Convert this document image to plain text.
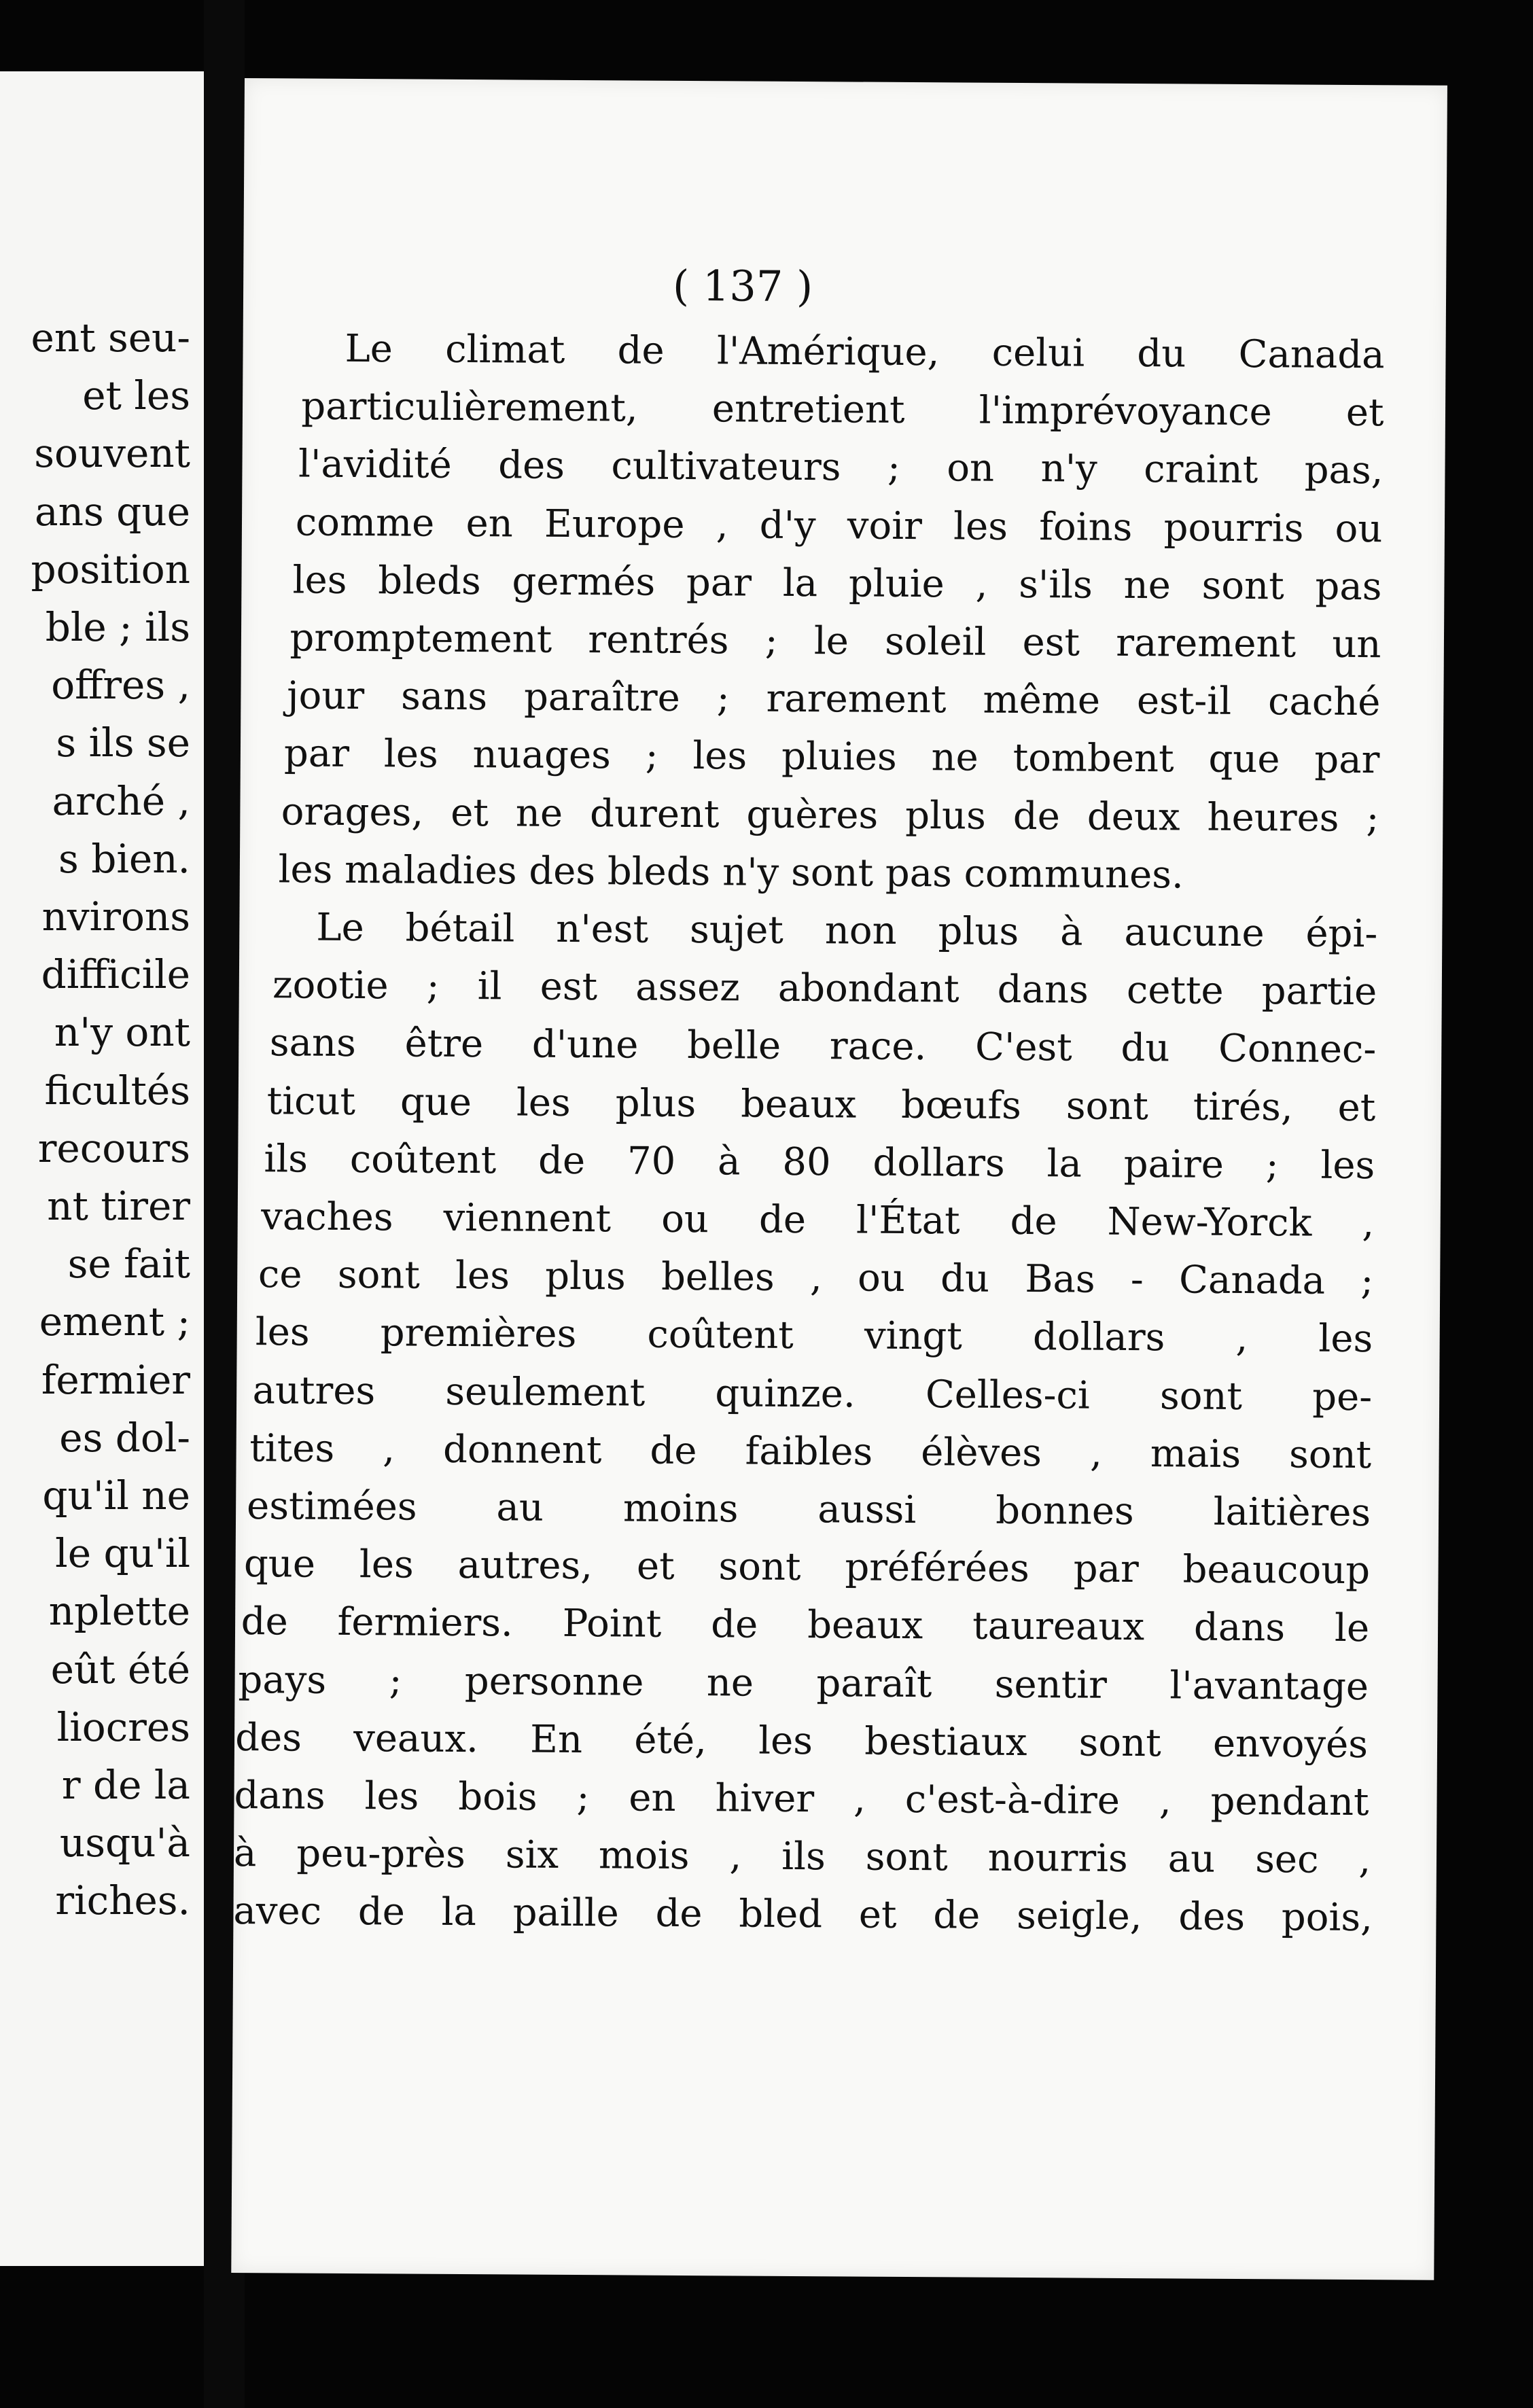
ent seu-
et les
souvent
ans que
position
ble ; ils
offres ,
s ils se
arché ,
s bien.
nvirons
difficile
n'y ont
ficultés
recours
nt tirer
se fait
ement ;
fermier
es dol-
qu'il ne
le qu'il
nplette
eût été
liocres
r de la
usqu'à
riches.
( 137 )
Le climat de l'Amérique, celui du Canada
particulièrement, entretient l'imprévoyance et
l'avidité des cultivateurs ; on n'y craint pas,
comme en Europe , d'y voir les foins pourris ou
les bleds germés par la pluie , s'ils ne sont pas
promptement rentrés ; le soleil est rarement un
jour sans paraître ; rarement même est-il caché
par les nuages ; les pluies ne tombent que par
orages, et ne durent guères plus de deux heures ;
les maladies des bleds n'y sont pas communes.
Le bétail n'est sujet non plus à aucune épi-
zootie ; il est assez abondant dans cette partie
sans être d'une belle race. C'est du Connec-
ticut que les plus beaux bœufs sont tirés, et
ils coûtent de 70 à 80 dollars la paire ; les
vaches viennent ou de l'État de New-Yorck ,
ce sont les plus belles , ou du Bas - Canada ;
les premières coûtent vingt dollars , les
autres seulement quinze. Celles-ci sont pe-
tites , donnent de faibles élèves , mais sont
estimées au moins aussi bonnes laitières
que les autres, et sont préférées par beaucoup
de fermiers. Point de beaux taureaux dans le
pays ; personne ne paraît sentir l'avantage
des veaux. En été, les bestiaux sont envoyés
dans les bois ; en hiver , c'est-à-dire , pendant
à peu-près six mois , ils sont nourris au sec ,
avec de la paille de bled et de seigle, des pois,
